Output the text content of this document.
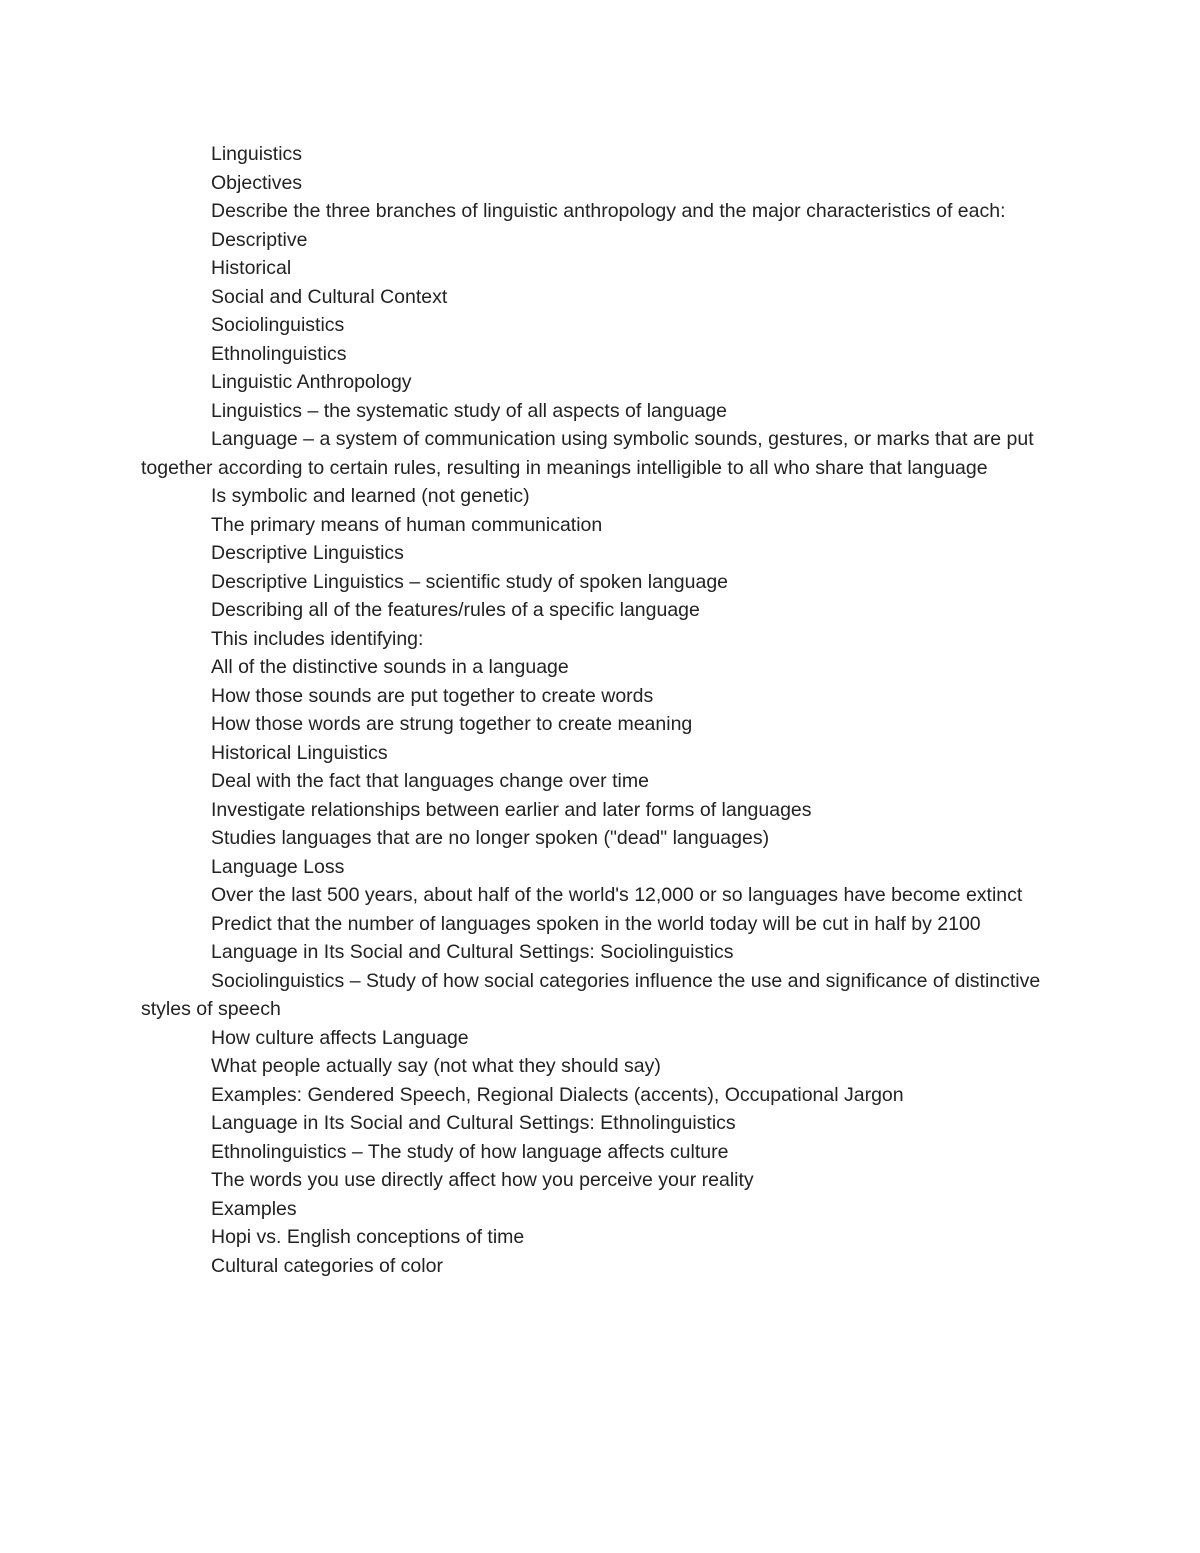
Linguistics

Objectives

Describe the three branches of linguistic anthropology and the major characteristics of each:

Descriptive

Historical

Social and Cultural Context

Sociolinguistics

Ethnolinguistics

Linguistic Anthropology

Linguistics – the systematic study of all aspects of language

Language – a system of communication using symbolic sounds, gestures, or marks that are put together according to certain rules, resulting in meanings intelligible to all who share that language

Is symbolic and learned (not genetic)

The primary means of human communication

Descriptive Linguistics

Descriptive Linguistics – scientific study of spoken language

Describing all of the features/rules of a specific language

This includes identifying:

All of the distinctive sounds in a language

How those sounds are put together to create words

How those words are strung together to create meaning

Historical Linguistics

Deal with the fact that languages change over time

Investigate relationships between earlier and later forms of languages

Studies languages that are no longer spoken ("dead" languages)

Language Loss

Over the last 500 years, about half of the world's 12,000 or so languages have become extinct

Predict that the number of languages spoken in the world today will be cut in half by 2100

Language in Its Social and Cultural Settings: Sociolinguistics

Sociolinguistics – Study of how social categories influence the use and significance of distinctive styles of speech

How culture affects Language

What people actually say (not what they should say)

Examples: Gendered Speech, Regional Dialects (accents), Occupational Jargon

Language in Its Social and Cultural Settings: Ethnolinguistics

Ethnolinguistics – The study of how language affects culture

The words you use directly affect how you perceive your reality

Examples

Hopi vs. English conceptions of time

Cultural categories of color
